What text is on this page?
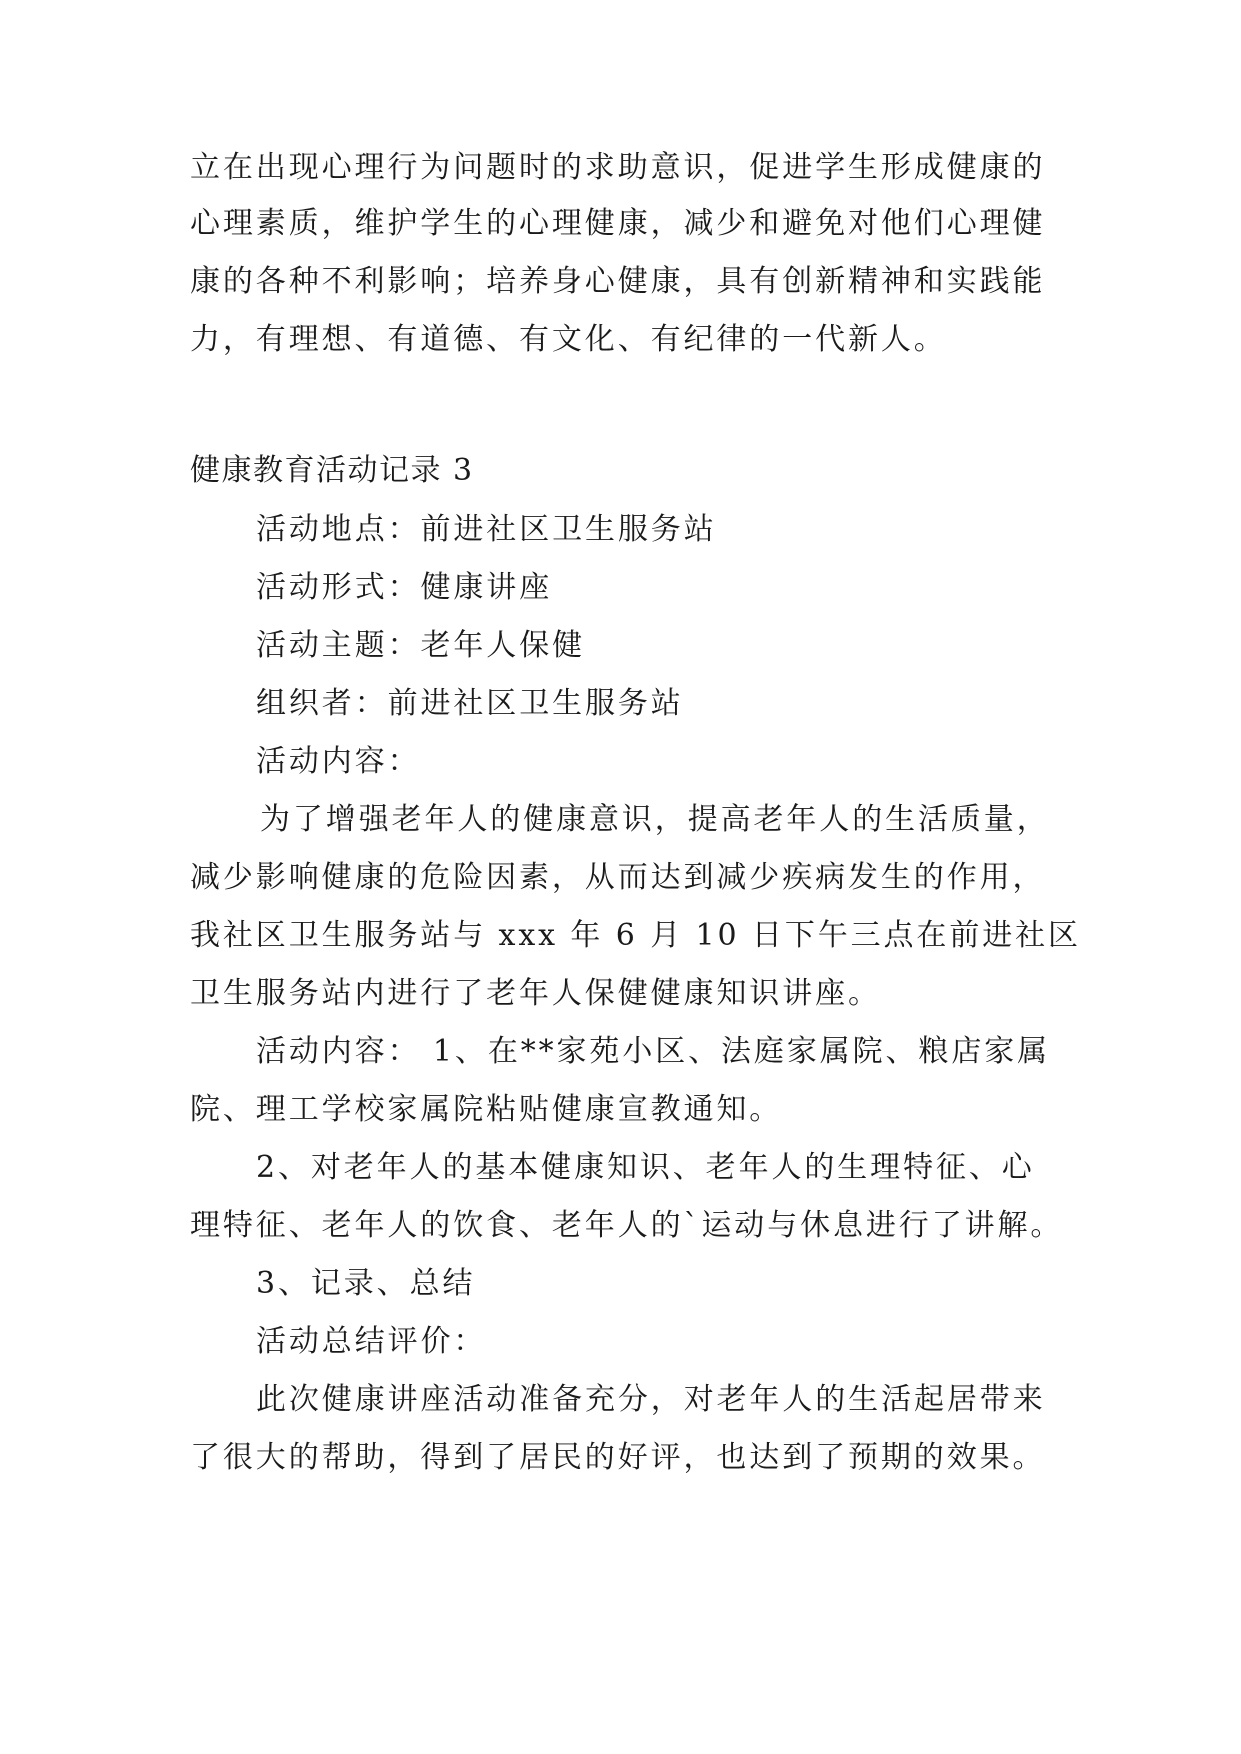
立在出现心理行为问题时的求助意识，促进学生形成健康的

心理素质，维护学生的心理健康，减少和避免对他们心理健

康的各种不利影响；培养身心健康，具有创新精神和实践能

力，有理想、有道德、有文化、有纪律的一代新人。

健康教育活动记录 3

活动地点：前进社区卫生服务站

活动形式：健康讲座

活动主题：老年人保健

组织者：前进社区卫生服务站

活动内容：

为了增强老年人的健康意识，提高老年人的生活质量，

减少影响健康的危险因素，从而达到减少疾病发生的作用，

我社区卫生服务站与 xxx 年 6 月 10 日下午三点在前进社区

卫生服务站内进行了老年人保健健康知识讲座。

活动内容： 1、在**家苑小区、法庭家属院、粮店家属

院、理工学校家属院粘贴健康宣教通知。

2、对老年人的基本健康知识、老年人的生理特征、心

理特征、老年人的饮食、老年人的`运动与休息进行了讲解。

3、记录、总结

活动总结评价：

此次健康讲座活动准备充分，对老年人的生活起居带来

了很大的帮助，得到了居民的好评，也达到了预期的效果。
